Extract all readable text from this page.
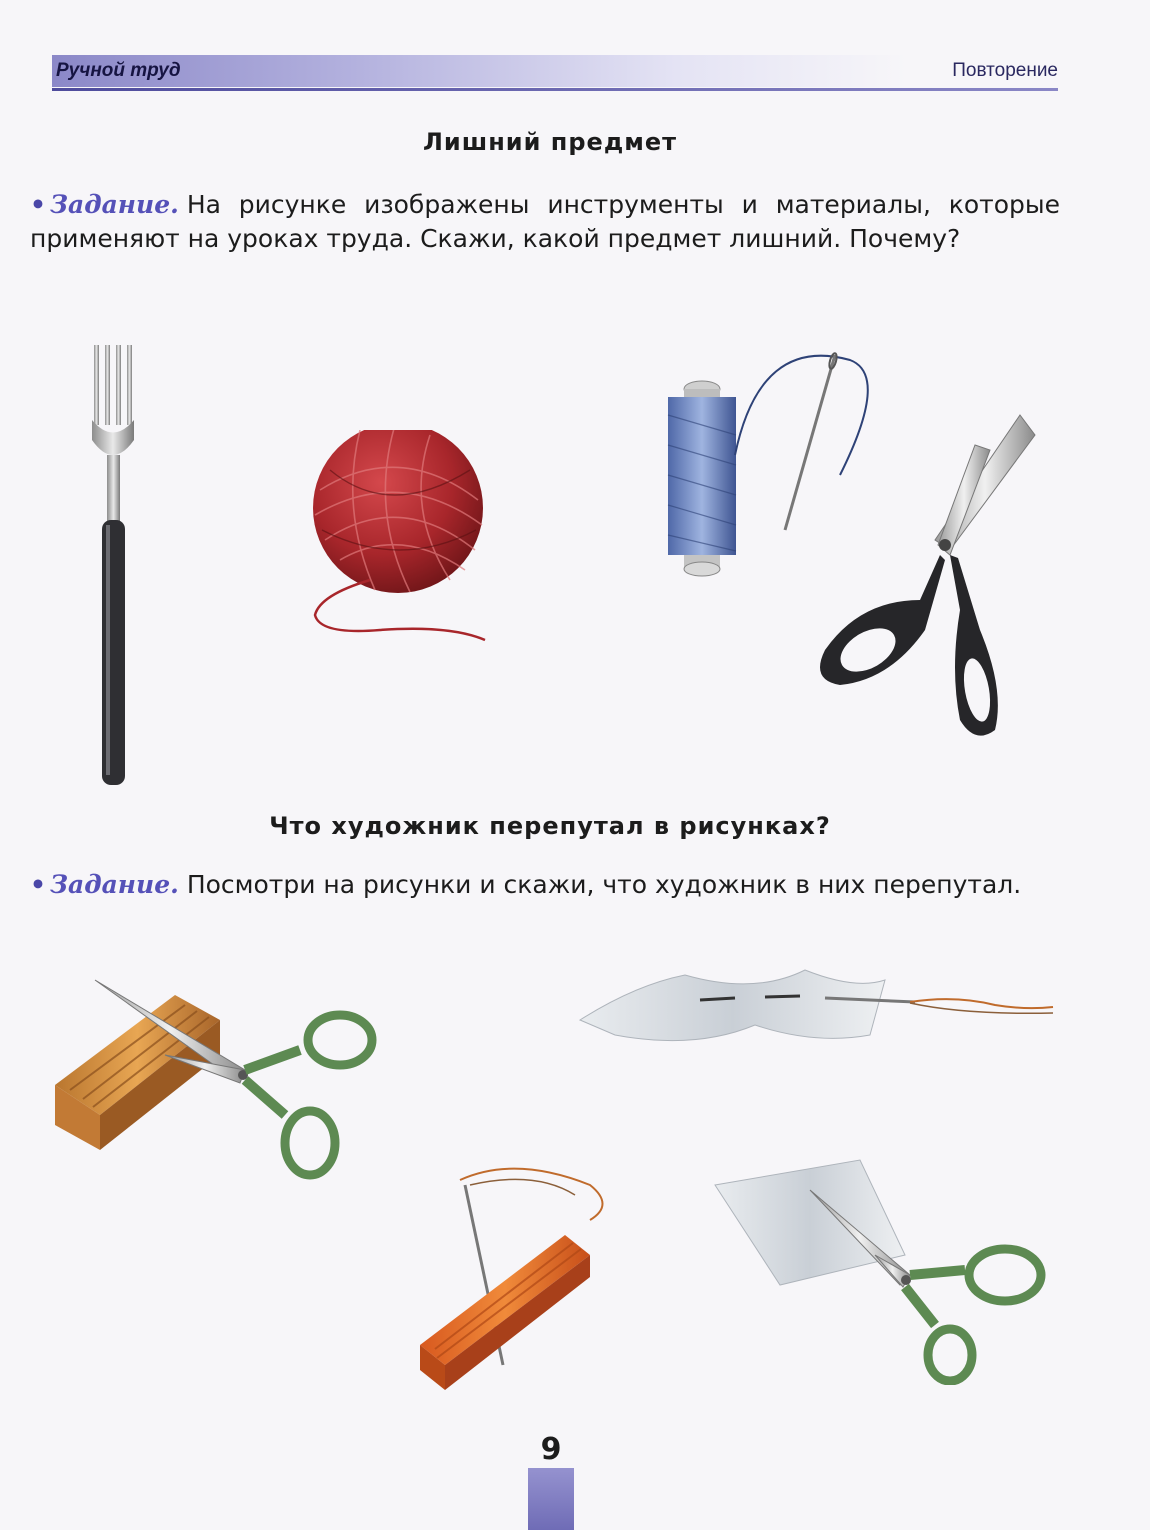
Ручной труд	Повторение
Лишний предмет
• Задание. На рисунке изображены инструменты и материалы, которые применяют на уроках труда. Скажи, какой предмет лишний. Почему?
Что художник перепутал в рисунках?
• Задание. Посмотри на рисунки и скажи, что художник в них перепутал.
9
